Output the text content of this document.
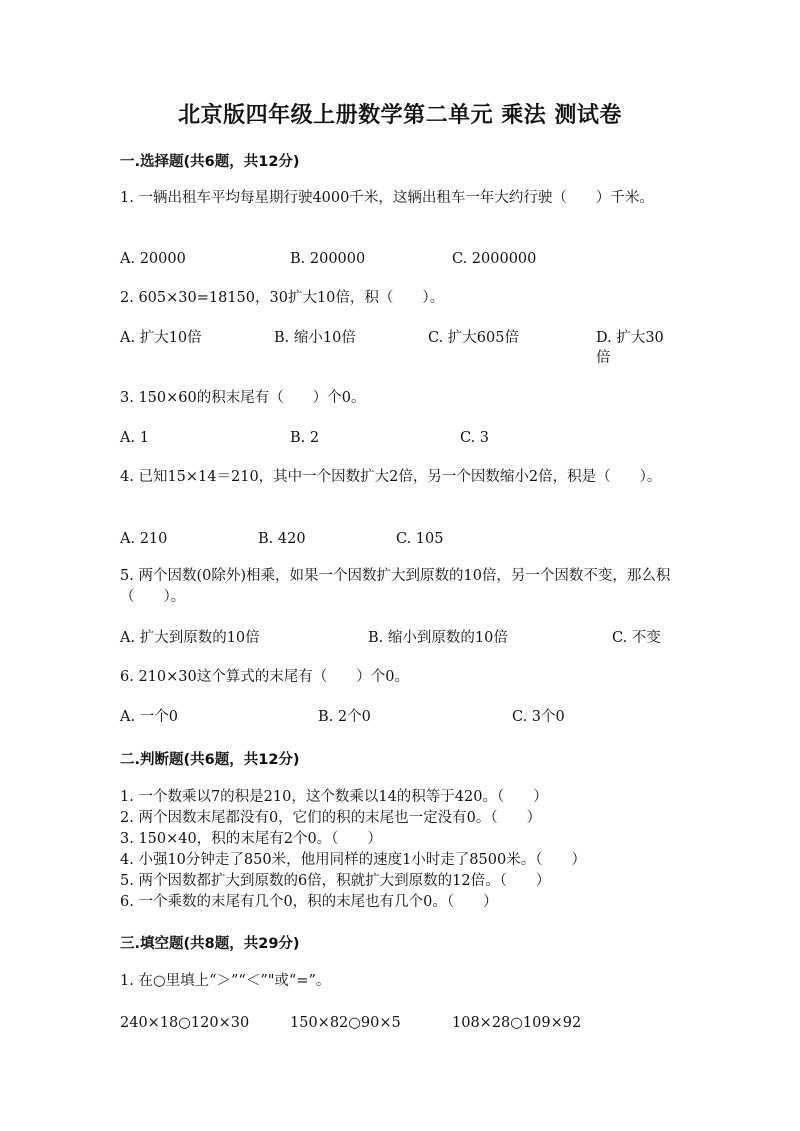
北京版四年级上册数学第二单元 乘法 测试卷
一.选择题(共6题，共12分)
1. 一辆出租车平均每星期行驶4000千米，这辆出租车一年大约行驶（　　）千米。
A. 20000	B. 200000	C. 2000000
2. 605×30=18150，30扩大10倍，积（　　）。
A. 扩大10倍	B. 缩小10倍	C. 扩大605倍	D. 扩大30倍
3. 150×60的积末尾有（　　）个0。
A. 1	B. 2	C. 3
4. 已知15×14＝210，其中一个因数扩大2倍，另一个因数缩小2倍，积是（　　）。
A. 210	B. 420	C. 105
5. 两个因数(0除外)相乘，如果一个因数扩大到原数的10倍，另一个因数不变，那么积（　　）。
A. 扩大到原数的10倍	B. 缩小到原数的10倍	C. 不变
6. 210×30这个算式的末尾有（　　）个0。
A. 一个0	B. 2个0	C. 3个0
二.判断题(共6题，共12分)
1. 一个数乘以7的积是210，这个数乘以14的积等于420。（　　）
2. 两个因数末尾都没有0，它们的积的末尾也一定没有0。（　　）
3. 150×40，积的末尾有2个0。（　　）
4. 小强10分钟走了850米，他用同样的速度1小时走了8500米。（　　）
5. 两个因数都扩大到原数的6倍，积就扩大到原数的12倍。（　　）
6. 一个乘数的末尾有几个0，积的末尾也有几个0。（　　）
三.填空题(共8题，共29分)
1. 在○里填上“＞”“＜”"或“=”。
240×18○120×30	150×82○90×5	108×28○109×92
